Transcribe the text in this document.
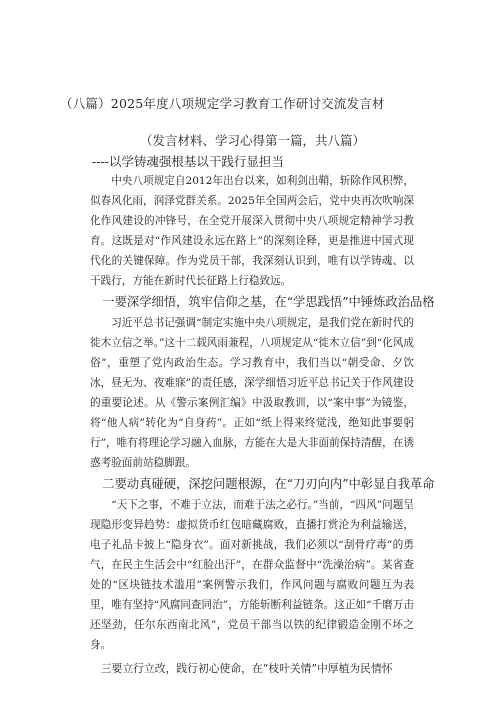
（八篇）2025年度八项规定学习教育工作研讨交流发言材
（发言材料、学习心得第一篇，共八篇）
----以学铸魂强根基以干践行显担当

中央八项规定自2012年出台以来，如利剑出鞘，斩除作风积弊，似春风化雨，润泽党群关系。2025年全国两会后，党中央再次吹响深化作风建设的冲锋号，在全党开展深入贯彻中央八项规定精神学习教育。这既是对“作风建设永远在路上”的深刻诠释，更是推进中国式现代化的关键保障。作为党员干部，我深刻认识到，唯有以学铸魂、以干践行，方能在新时代长征路上行稳致远。

一要深学细悟，筑牢信仰之基，在“学思践悟”中锤炼政治品格

习近平总书记强调“制定实施中央八项规定，是我们党在新时代的徙木立信之举。”这十二载风雨兼程，八项规定从“徙木立信”到“化风成俗”，重塑了党内政治生态。学习教育中，我们当以“朝受命、夕饮冰，昼无为、夜难寐”的责任感，深学细悟习近平总书记关于作风建设的重要论述。从《警示案例汇编》中汲取教训，以“案中事”为镜鉴，将“他人病”转化为“自身药”。正如“纸上得来终觉浅，绝知此事要躬行”，唯有将理论学习融入血脉，方能在大是大非面前保持清醒，在诱惑考验面前站稳脚跟。

二要动真碰硬，深挖问题根源，在“刀刃向内”中彰显自我革命

“天下之事，不难于立法，而难于法之必行。”当前，“四风”问题呈现隐形变异趋势：虚拟货币红包暗藏腐败，直播打赏沦为利益输送，电子礼品卡披上“隐身衣”。面对新挑战，我们必须以“刮骨疗毒”的勇气，在民主生活会中“红脸出汗”，在群众监督中“洗澡治病”。某省查处的“区块链技术滥用”案例警示我们，作风问题与腐败问题互为表里，唯有坚持“风腐同查同治”，方能斩断利益链条。这正如“千磨万击还坚劲，任尔东西南北风”，党员干部当以铁的纪律锻造金刚不坏之身。

三要立行立改，践行初心使命，在“枝叶关情”中厚植为民情怀
